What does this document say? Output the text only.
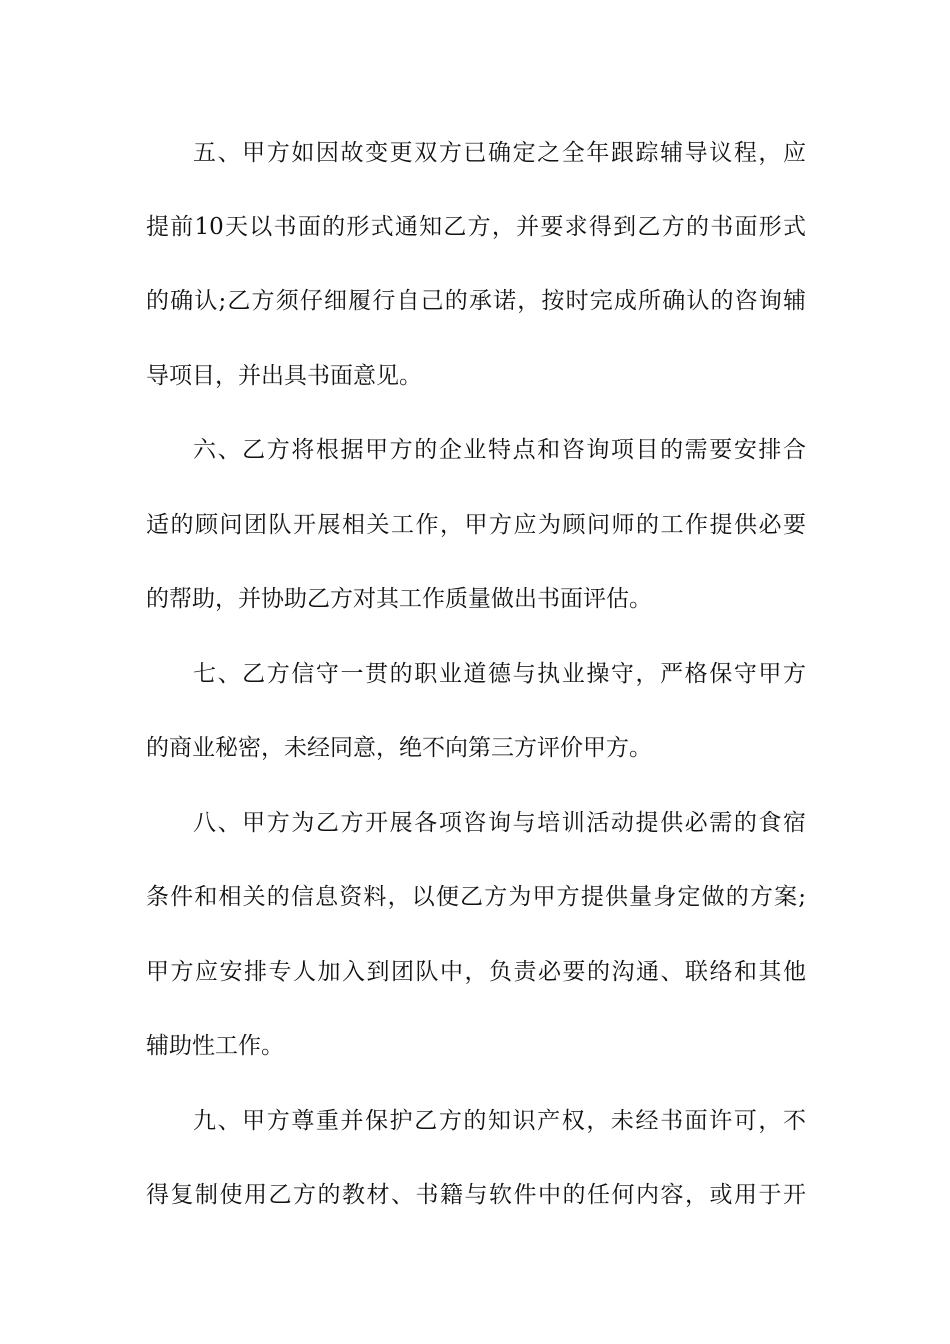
五、甲方如因故变更双方已确定之全年跟踪辅导议程，应
提前10天以书面的形式通知乙方，并要求得到乙方的书面形式
的确认;乙方须仔细履行自己的承诺，按时完成所确认的咨询辅
导项目，并出具书面意见。
六、乙方将根据甲方的企业特点和咨询项目的需要安排合
适的顾问团队开展相关工作，甲方应为顾问师的工作提供必要
的帮助，并协助乙方对其工作质量做出书面评估。
七、乙方信守一贯的职业道德与执业操守，严格保守甲方
的商业秘密，未经同意，绝不向第三方评价甲方。
八、甲方为乙方开展各项咨询与培训活动提供必需的食宿
条件和相关的信息资料，以便乙方为甲方提供量身定做的方案;
甲方应安排专人加入到团队中，负责必要的沟通、联络和其他
辅助性工作。
九、甲方尊重并保护乙方的知识产权，未经书面许可，不
得复制使用乙方的教材、书籍与软件中的任何内容，或用于开
